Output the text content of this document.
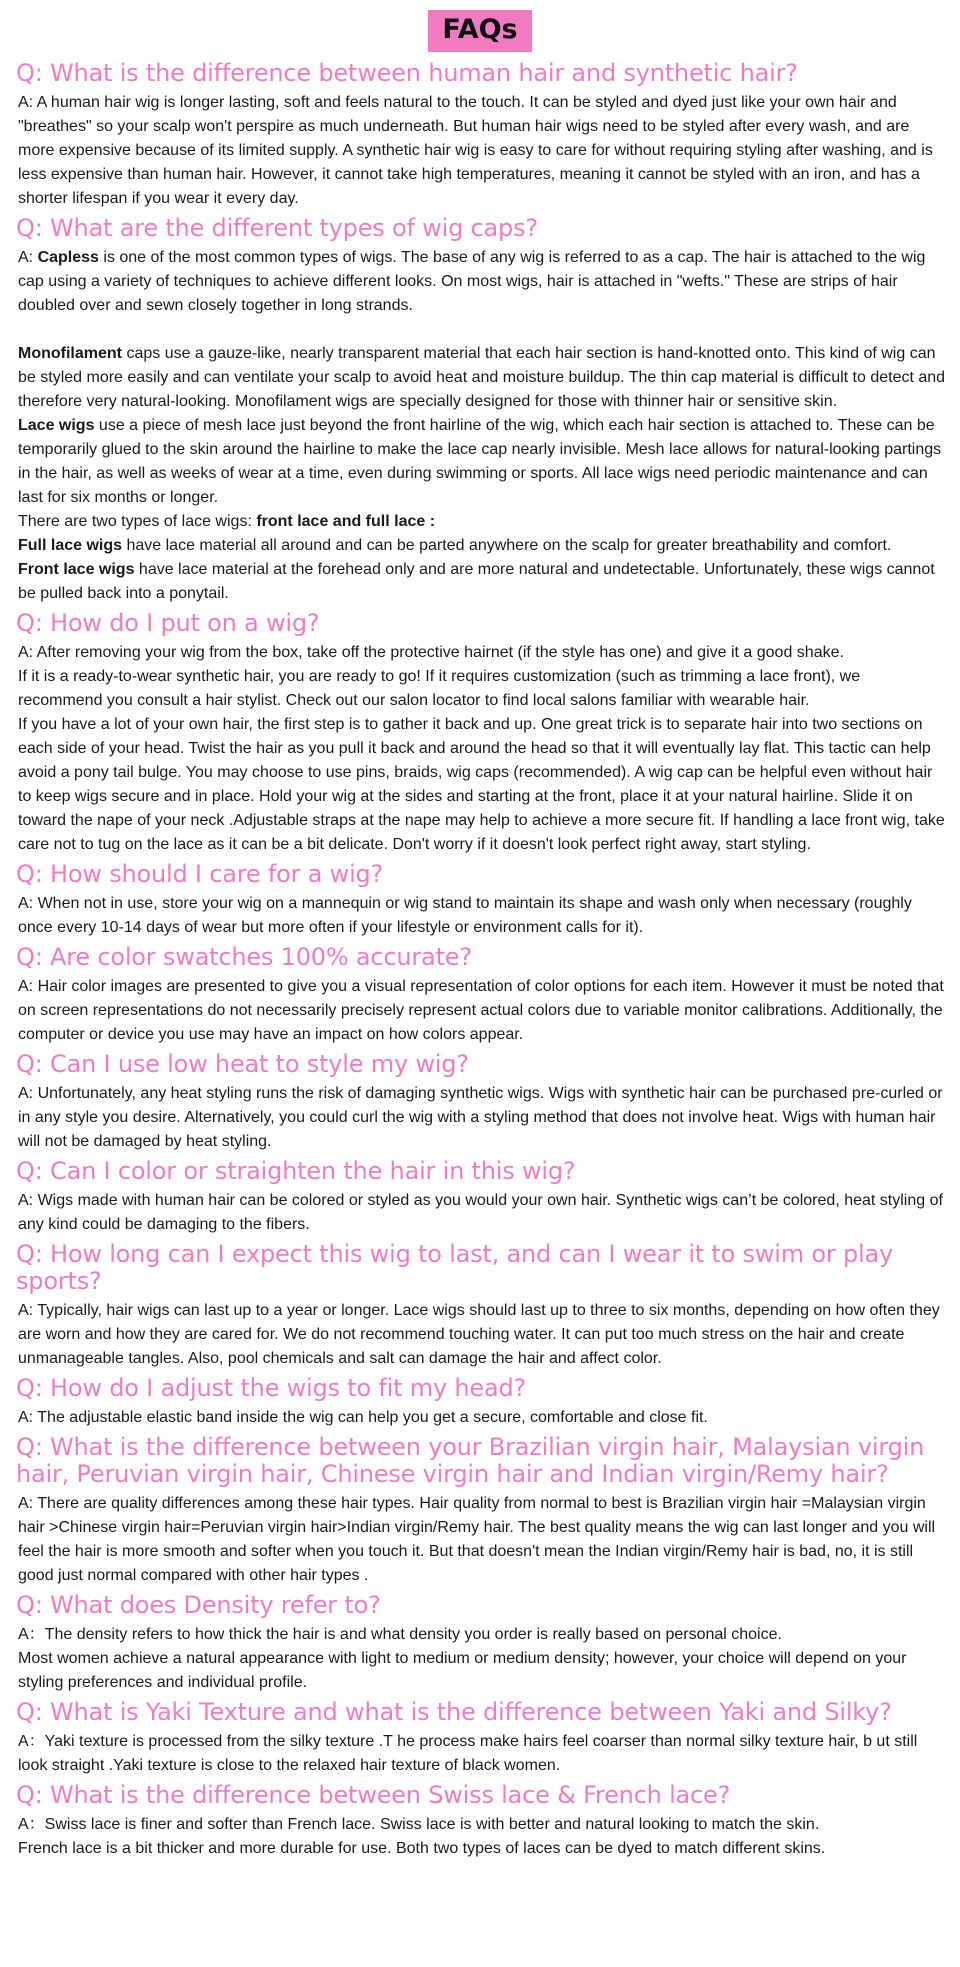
FAQs
Q: What is the difference between human hair and synthetic hair?

A: A human hair wig is longer lasting, soft and feels natural to the touch. It can be styled and dyed just like your own hair and "breathes" so your scalp won't perspire as much underneath. But human hair wigs need to be styled after every wash, and are more expensive because of its limited supply. A synthetic hair wig is easy to care for without requiring styling after washing, and is less expensive than human hair. However, it cannot take high temperatures, meaning it cannot be styled with an iron, and has a shorter lifespan if you wear it every day.

Q: What are the different types of wig caps?

A: Capless is one of the most common types of wigs. The base of any wig is referred to as a cap. The hair is attached to the wig cap using a variety of techniques to achieve different looks. On most wigs, hair is attached in "wefts." These are strips of hair doubled over and sewn closely together in long strands.

Monofilament caps use a gauze-like, nearly transparent material that each hair section is hand-knotted onto. This kind of wig can be styled more easily and can ventilate your scalp to avoid heat and moisture buildup. The thin cap material is difficult to detect and therefore very natural-looking. Monofilament wigs are specially designed for those with thinner hair or sensitive skin.

Lace wigs use a piece of mesh lace just beyond the front hairline of the wig, which each hair section is attached to. These can be temporarily glued to the skin around the hairline to make the lace cap nearly invisible. Mesh lace allows for natural-looking partings in the hair, as well as weeks of wear at a time, even during swimming or sports. All lace wigs need periodic maintenance and can last for six months or longer.

There are two types of lace wigs: front lace and full lace :

Full lace wigs have lace material all around and can be parted anywhere on the scalp for greater breathability and comfort.

Front lace wigs have lace material at the forehead only and are more natural and undetectable. Unfortunately, these wigs cannot be pulled back into a ponytail.

Q: How do I put on a wig?

A: After removing your wig from the box, take off the protective hairnet (if the style has one) and give it a good shake.

If it is a ready-to-wear synthetic hair, you are ready to go! If it requires customization (such as trimming a lace front), we recommend you consult a hair stylist. Check out our salon locator to find local salons familiar with wearable hair.

If you have a lot of your own hair, the first step is to gather it back and up. One great trick is to separate hair into two sections on each side of your head. Twist the hair as you pull it back and around the head so that it will eventually lay flat. This tactic can help avoid a pony tail bulge. You may choose to use pins, braids, wig caps (recommended). A wig cap can be helpful even without hair to keep wigs secure and in place. Hold your wig at the sides and starting at the front, place it at your natural hairline. Slide it on toward the nape of your neck .Adjustable straps at the nape may help to achieve a more secure fit. If handling a lace front wig, take care not to tug on the lace as it can be a bit delicate. Don't worry if it doesn't look perfect right away, start styling.

Q: How should I care for a wig?

A: When not in use, store your wig on a mannequin or wig stand to maintain its shape and wash only when necessary (roughly once every 10-14 days of wear but more often if your lifestyle or environment calls for it).

Q: Are color swatches 100% accurate?

A: Hair color images are presented to give you a visual representation of color options for each item. However it must be noted that on screen representations do not necessarily precisely represent actual colors due to variable monitor calibrations. Additionally, the computer or device you use may have an impact on how colors appear.

Q: Can I use low heat to style my wig?

A: Unfortunately, any heat styling runs the risk of damaging synthetic wigs. Wigs with synthetic hair can be purchased pre-curled or in any style you desire. Alternatively, you could curl the wig with a styling method that does not involve heat. Wigs with human hair will not be damaged by heat styling.

Q: Can I color or straighten the hair in this wig?

A: Wigs made with human hair can be colored or styled as you would your own hair. Synthetic wigs can’t be colored, heat styling of any kind could be damaging to the fibers.

Q: How long can I expect this wig to last, and can I wear it to swim or play sports?

A: Typically, hair wigs can last up to a year or longer. Lace wigs should last up to three to six months, depending on how often they are worn and how they are cared for. We do not recommend touching water. It can put too much stress on the hair and create unmanageable tangles. Also, pool chemicals and salt can damage the hair and affect color.

Q: How do I adjust the wigs to fit my head?

A: The adjustable elastic band inside the wig can help you get a secure, comfortable and close fit.

Q: What is the difference between your Brazilian virgin hair, Malaysian virgin hair, Peruvian virgin hair, Chinese virgin hair and Indian virgin/Remy hair?

A: There are quality differences among these hair types. Hair quality from normal to best is Brazilian virgin hair =Malaysian virgin hair >Chinese virgin hair=Peruvian virgin hair>Indian virgin/Remy hair. The best quality means the wig can last longer and you will feel the hair is more smooth and softer when you touch it. But that doesn't mean the Indian virgin/Remy hair is bad, no, it is still good just normal compared with other hair types .

Q: What does Density refer to?

A：The density refers to how thick the hair is and what density you order is really based on personal choice.

Most women achieve a natural appearance with light to medium or medium density; however, your choice will depend on your styling preferences and individual profile.

Q: What is Yaki Texture and what is the difference between Yaki and Silky?

A：Yaki texture is processed from the silky texture .T he process make hairs feel coarser than normal silky texture hair, b ut still look straight .Yaki texture is close to the relaxed hair texture of black women.

Q: What is the difference between Swiss lace & French lace?

A：Swiss lace is finer and softer than French lace. Swiss lace is with better and natural looking to match the skin.

French lace is a bit thicker and more durable for use. Both two types of laces can be dyed to match different skins.
